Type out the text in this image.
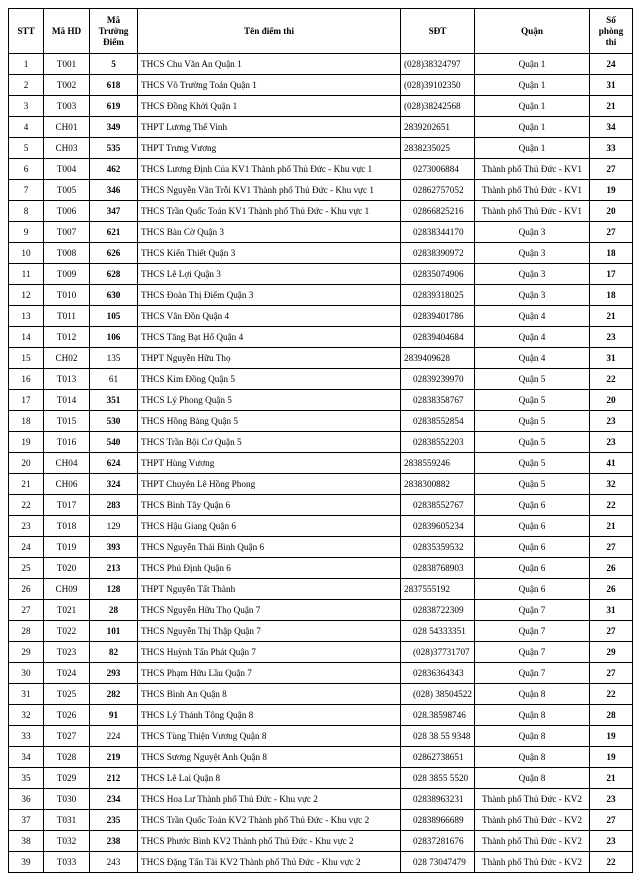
STT	Mã HD	Mã Trường Điểm	Tên điểm thi	SĐT	Quận	Số phòng thi
1	T001	5	THCS Chu Văn An Quận 1	(028)38324797	Quận 1	24
2	T002	618	THCS Võ Trường Toản Quận 1	(028)39102350	Quận 1	31
3	T003	619	THCS Đồng Khởi Quận 1	(028)38242568	Quận 1	21
4	CH01	349	THPT Lương Thế Vinh	2839202651	Quận 1	34
5	CH03	535	THPT Trưng Vương	2838235025	Quận 1	33
6	T004	462	THCS Lương Định Của KV1 Thành phố Thủ Đức - Khu vực 1	0273006884	Thành phố Thủ Đức - KV1	27
7	T005	346	THCS Nguyễn Văn Trỗi KV1 Thành phố Thủ Đức - Khu vực 1	02862757052	Thành phố Thủ Đức - KV1	19
8	T006	347	THCS Trần Quốc Toản KV1 Thành phố Thủ Đức - Khu vực 1	02866825216	Thành phố Thủ Đức - KV1	20
9	T007	621	THCS Bàn Cờ Quận 3	02838344170	Quận 3	27
10	T008	626	THCS Kiến Thiết Quận 3	02838390972	Quận 3	18
11	T009	628	THCS Lê Lợi Quận 3	02835074906	Quận 3	17
12	T010	630	THCS Đoàn Thị Điểm Quận 3	02839318025	Quận 3	18
13	T011	105	THCS Vân Đồn Quận 4	02839401786	Quận 4	21
14	T012	106	THCS Tăng Bạt Hổ Quận 4	02839404684	Quận 4	23
15	CH02	135	THPT Nguyễn Hữu Thọ	2839409628	Quận 4	31
16	T013	61	THCS Kim Đồng Quận 5	02839239970	Quận 5	22
17	T014	351	THCS Lý Phong Quận 5	02838358767	Quận 5	20
18	T015	530	THCS Hồng Bàng Quận 5	02838552854	Quận 5	23
19	T016	540	THCS Trần Bội Cơ Quận 5	02838552203	Quận 5	23
20	CH04	624	THPT Hùng Vương	2838559246	Quận 5	41
21	CH06	324	THPT Chuyên Lê Hồng Phong	2838300882	Quận 5	32
22	T017	283	THCS Bình Tây Quận 6	02838552767	Quận 6	22
23	T018	129	THCS Hậu Giang Quận 6	02839605234	Quận 6	21
24	T019	393	THCS Nguyễn Thái Bình Quận 6	02835359532	Quận 6	27
25	T020	213	THCS Phú Định Quận 6	02838768903	Quận 6	26
26	CH09	128	THPT Nguyễn Tất Thành	2837555192	Quận 6	26
27	T021	28	THCS Nguyễn Hữu Thọ Quận 7	02838722309	Quận 7	31
28	T022	101	THCS Nguyễn Thị Thập Quận 7	028 54333351	Quận 7	27
29	T023	82	THCS Huỳnh Tấn Phát Quận 7	(028)37731707	Quận 7	29
30	T024	293	THCS Phạm Hữu Lầu Quận 7	02836364343	Quận 7	27
31	T025	282	THCS Bình An Quận 8	(028) 38504522	Quận 8	22
32	T026	91	THCS Lý Thánh Tông Quận 8	028.38598746	Quận 8	28
33	T027	224	THCS Tùng Thiện Vương Quận 8	028 38 55 9348	Quận 8	19
34	T028	219	THCS Sương Nguyệt Anh Quận 8	02862738651	Quận 8	19
35	T029	212	THCS Lê Lai Quận 8	028 3855 5520	Quận 8	21
36	T030	234	THCS Hoa Lư Thành phố Thủ Đức - Khu vực 2	02838963231	Thành phố Thủ Đức - KV2	23
37	T031	235	THCS Trần Quốc Toản KV2 Thành phố Thủ Đức - Khu vực 2	02838966689	Thành phố Thủ Đức - KV2	27
38	T032	238	THCS Phước Bình KV2 Thành phố Thủ Đức - Khu vực 2	02837281676	Thành phố Thủ Đức - KV2	23
39	T033	243	THCS Đặng Tấn Tài KV2 Thành phố Thủ Đức - Khu vực 2	028 73047479	Thành phố Thủ Đức - KV2	22
